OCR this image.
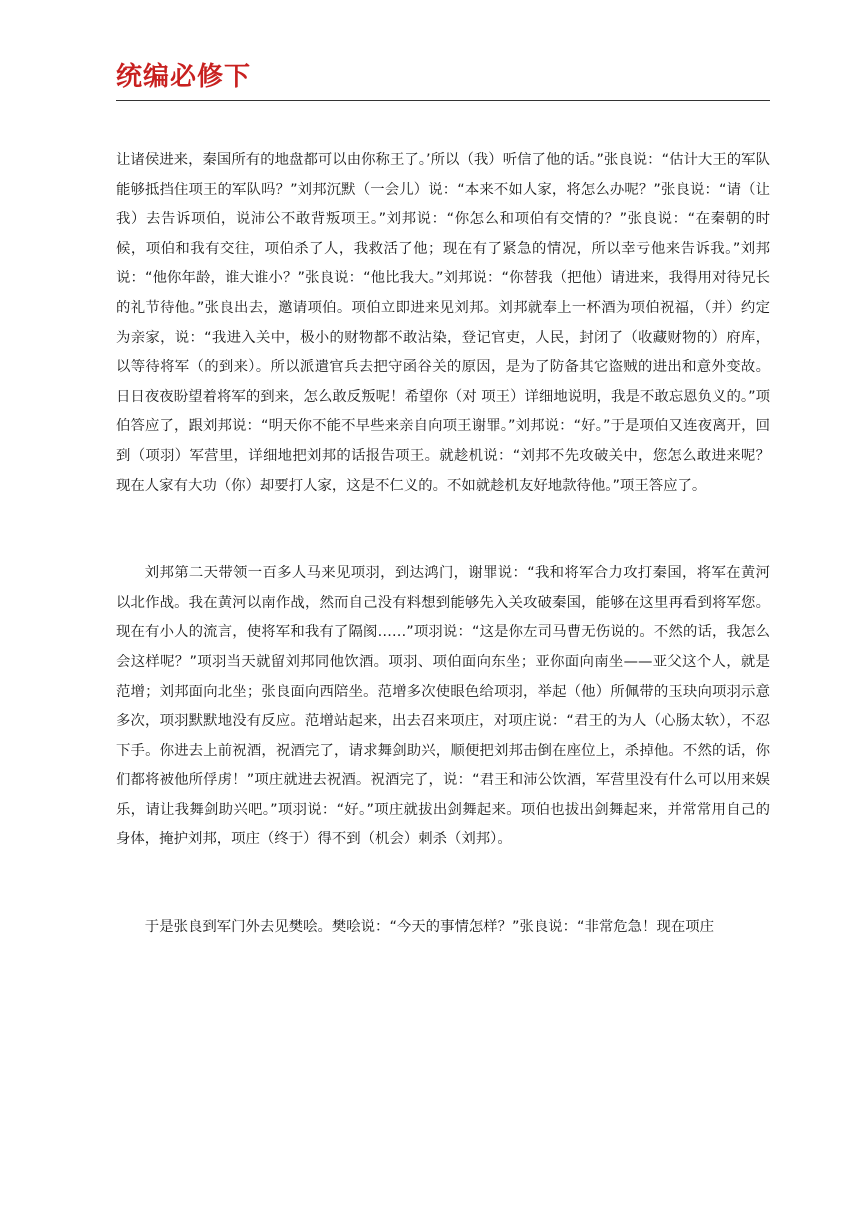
统编必修下

让诸侯进来，秦国所有的地盘都可以由你称王了。’所以（我）听信了他的话。”张良说：“估计大王的军队能够抵挡住项王的军队吗？”刘邦沉默（一会儿）说：“本来不如人家，将怎么办呢？”张良说：“请（让我）去告诉项伯，说沛公不敢背叛项王。”刘邦说：“你怎么和项伯有交情的？”张良说：“在秦朝的时候，项伯和我有交往，项伯杀了人，我救活了他；现在有了紧急的情况，所以幸亏他来告诉我。”刘邦说：“他你年龄，谁大谁小？”张良说：“他比我大。”刘邦说：“你替我（把他）请进来，我得用对待兄长的礼节待他。”张良出去，邀请项伯。项伯立即进来见刘邦。刘邦就奉上一杯酒为项伯祝福，（并）约定为亲家，说：“我进入关中，极小的财物都不敢沾染，登记官吏，人民，封闭了（收藏财物的）府库，以等待将军（的到来）。所以派遣官兵去把守函谷关的原因，是为了防备其它盗贼的进出和意外变故。日日夜夜盼望着将军的到来，怎么敢反叛呢！希望你（对 项王）详细地说明，我是不敢忘恩负义的。”项伯答应了，跟刘邦说：“明天你不能不早些来亲自向项王谢罪。”刘邦说：“好。”于是项伯又连夜离开，回到（项羽）军营里，详细地把刘邦的话报告项王。就趁机说：“刘邦不先攻破关中，您怎么敢进来呢？现在人家有大功（你）却要打人家，这是不仁义的。不如就趁机友好地款待他。”项王答应了。

刘邦第二天带领一百多人马来见项羽，到达鸿门，谢罪说：“我和将军合力攻打秦国，将军在黄河以北作战。我在黄河以南作战，然而自己没有料想到能够先入关攻破秦国，能够在这里再看到将军您。现在有小人的流言，使将军和我有了隔阂……”项羽说：“这是你左司马曹无伤说的。不然的话，我怎么会这样呢？”项羽当天就留刘邦同他饮酒。项羽、项伯面向东坐；亚你面向南坐——亚父这个人，就是范增；刘邦面向北坐；张良面向西陪坐。范增多次使眼色给项羽，举起（他）所佩带的玉玦向项羽示意多次，项羽默默地没有反应。范增站起来，出去召来项庄，对项庄说：“君王的为人（心肠太软），不忍下手。你进去上前祝酒，祝酒完了，请求舞剑助兴，顺便把刘邦击倒在座位上，杀掉他。不然的话，你们都将被他所俘虏！”项庄就进去祝酒。祝酒完了，说：“君王和沛公饮酒，军营里没有什么可以用来娱乐，请让我舞剑助兴吧。”项羽说：“好。”项庄就拔出剑舞起来。项伯也拔出剑舞起来，并常常用自己的身体，掩护刘邦，项庄（终于）得不到（机会）刺杀（刘邦）。

于是张良到军门外去见樊哙。樊哙说：“今天的事情怎样？”张良说：“非常危急！现在项庄
